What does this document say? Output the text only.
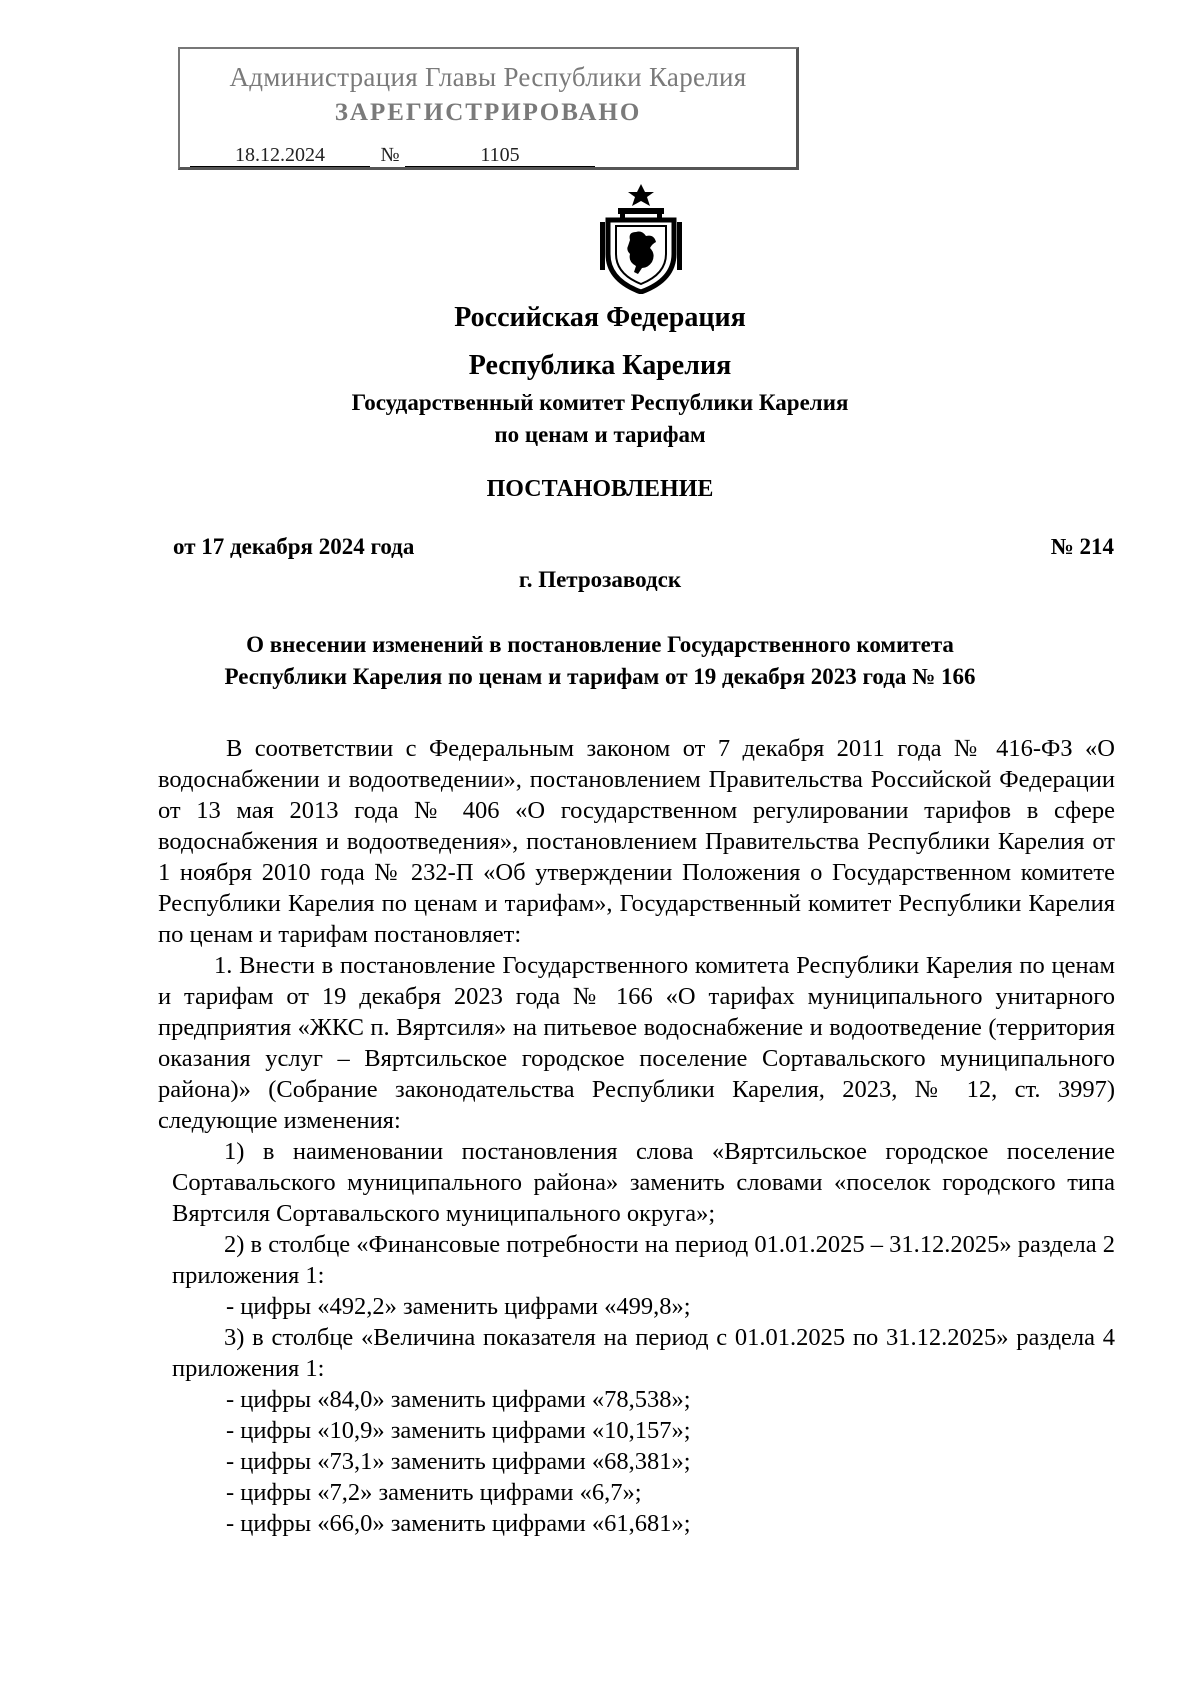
Администрация Главы Республики Карелия
ЗАРЕГИСТРИРОВАНО
18.12.2024	№	1105
Российская Федерация
Республика Карелия
Государственный комитет Республики Карелия
по ценам и тарифам
ПОСТАНОВЛЕНИЕ
от 17 декабря 2024 года	№ 214
г. Петрозаводск
О внесении изменений в постановление Государственного комитета
Республики Карелия по ценам и тарифам от 19 декабря 2023 года № 166

В соответствии с Федеральным законом от 7 декабря 2011 года № 416-ФЗ «О водоснабжении и водоотведении», постановлением Правительства Российской Федерации от 13 мая 2013 года № 406 «О государственном регулировании тарифов в сфере водоснабжения и водоотведения», постановлением Правительства Республики Карелия от 1 ноября 2010 года № 232-П «Об утверждении Положения о Государственном комитете Республики Карелия по ценам и тарифам», Государственный комитет Республики Карелия по ценам и тарифам постановляет:

1. Внести в постановление Государственного комитета Республики Карелия по ценам и тарифам от 19 декабря 2023 года № 166 «О тарифах муниципального унитарного предприятия «ЖКС п. Вяртсиля» на питьевое водоснабжение и водоотведение (территория оказания услуг – Вяртсильское городское поселение Сортавальского муниципального района)» (Собрание законодательства Республики Карелия, 2023, № 12, ст. 3997) следующие изменения:

1) в наименовании постановления слова «Вяртсильское городское поселение Сортавальского муниципального района» заменить словами «поселок городского типа Вяртсиля Сортавальского муниципального округа»;

2) в столбце «Финансовые потребности на период 01.01.2025 – 31.12.2025» раздела 2 приложения 1:

- цифры «492,2» заменить цифрами «499,8»;

3) в столбце «Величина показателя на период с 01.01.2025 по 31.12.2025» раздела 4 приложения 1:

- цифры «84,0» заменить цифрами «78,538»;

- цифры «10,9» заменить цифрами «10,157»;

- цифры «73,1» заменить цифрами «68,381»;

- цифры «7,2» заменить цифрами «6,7»;

- цифры «66,0» заменить цифрами «61,681»;
